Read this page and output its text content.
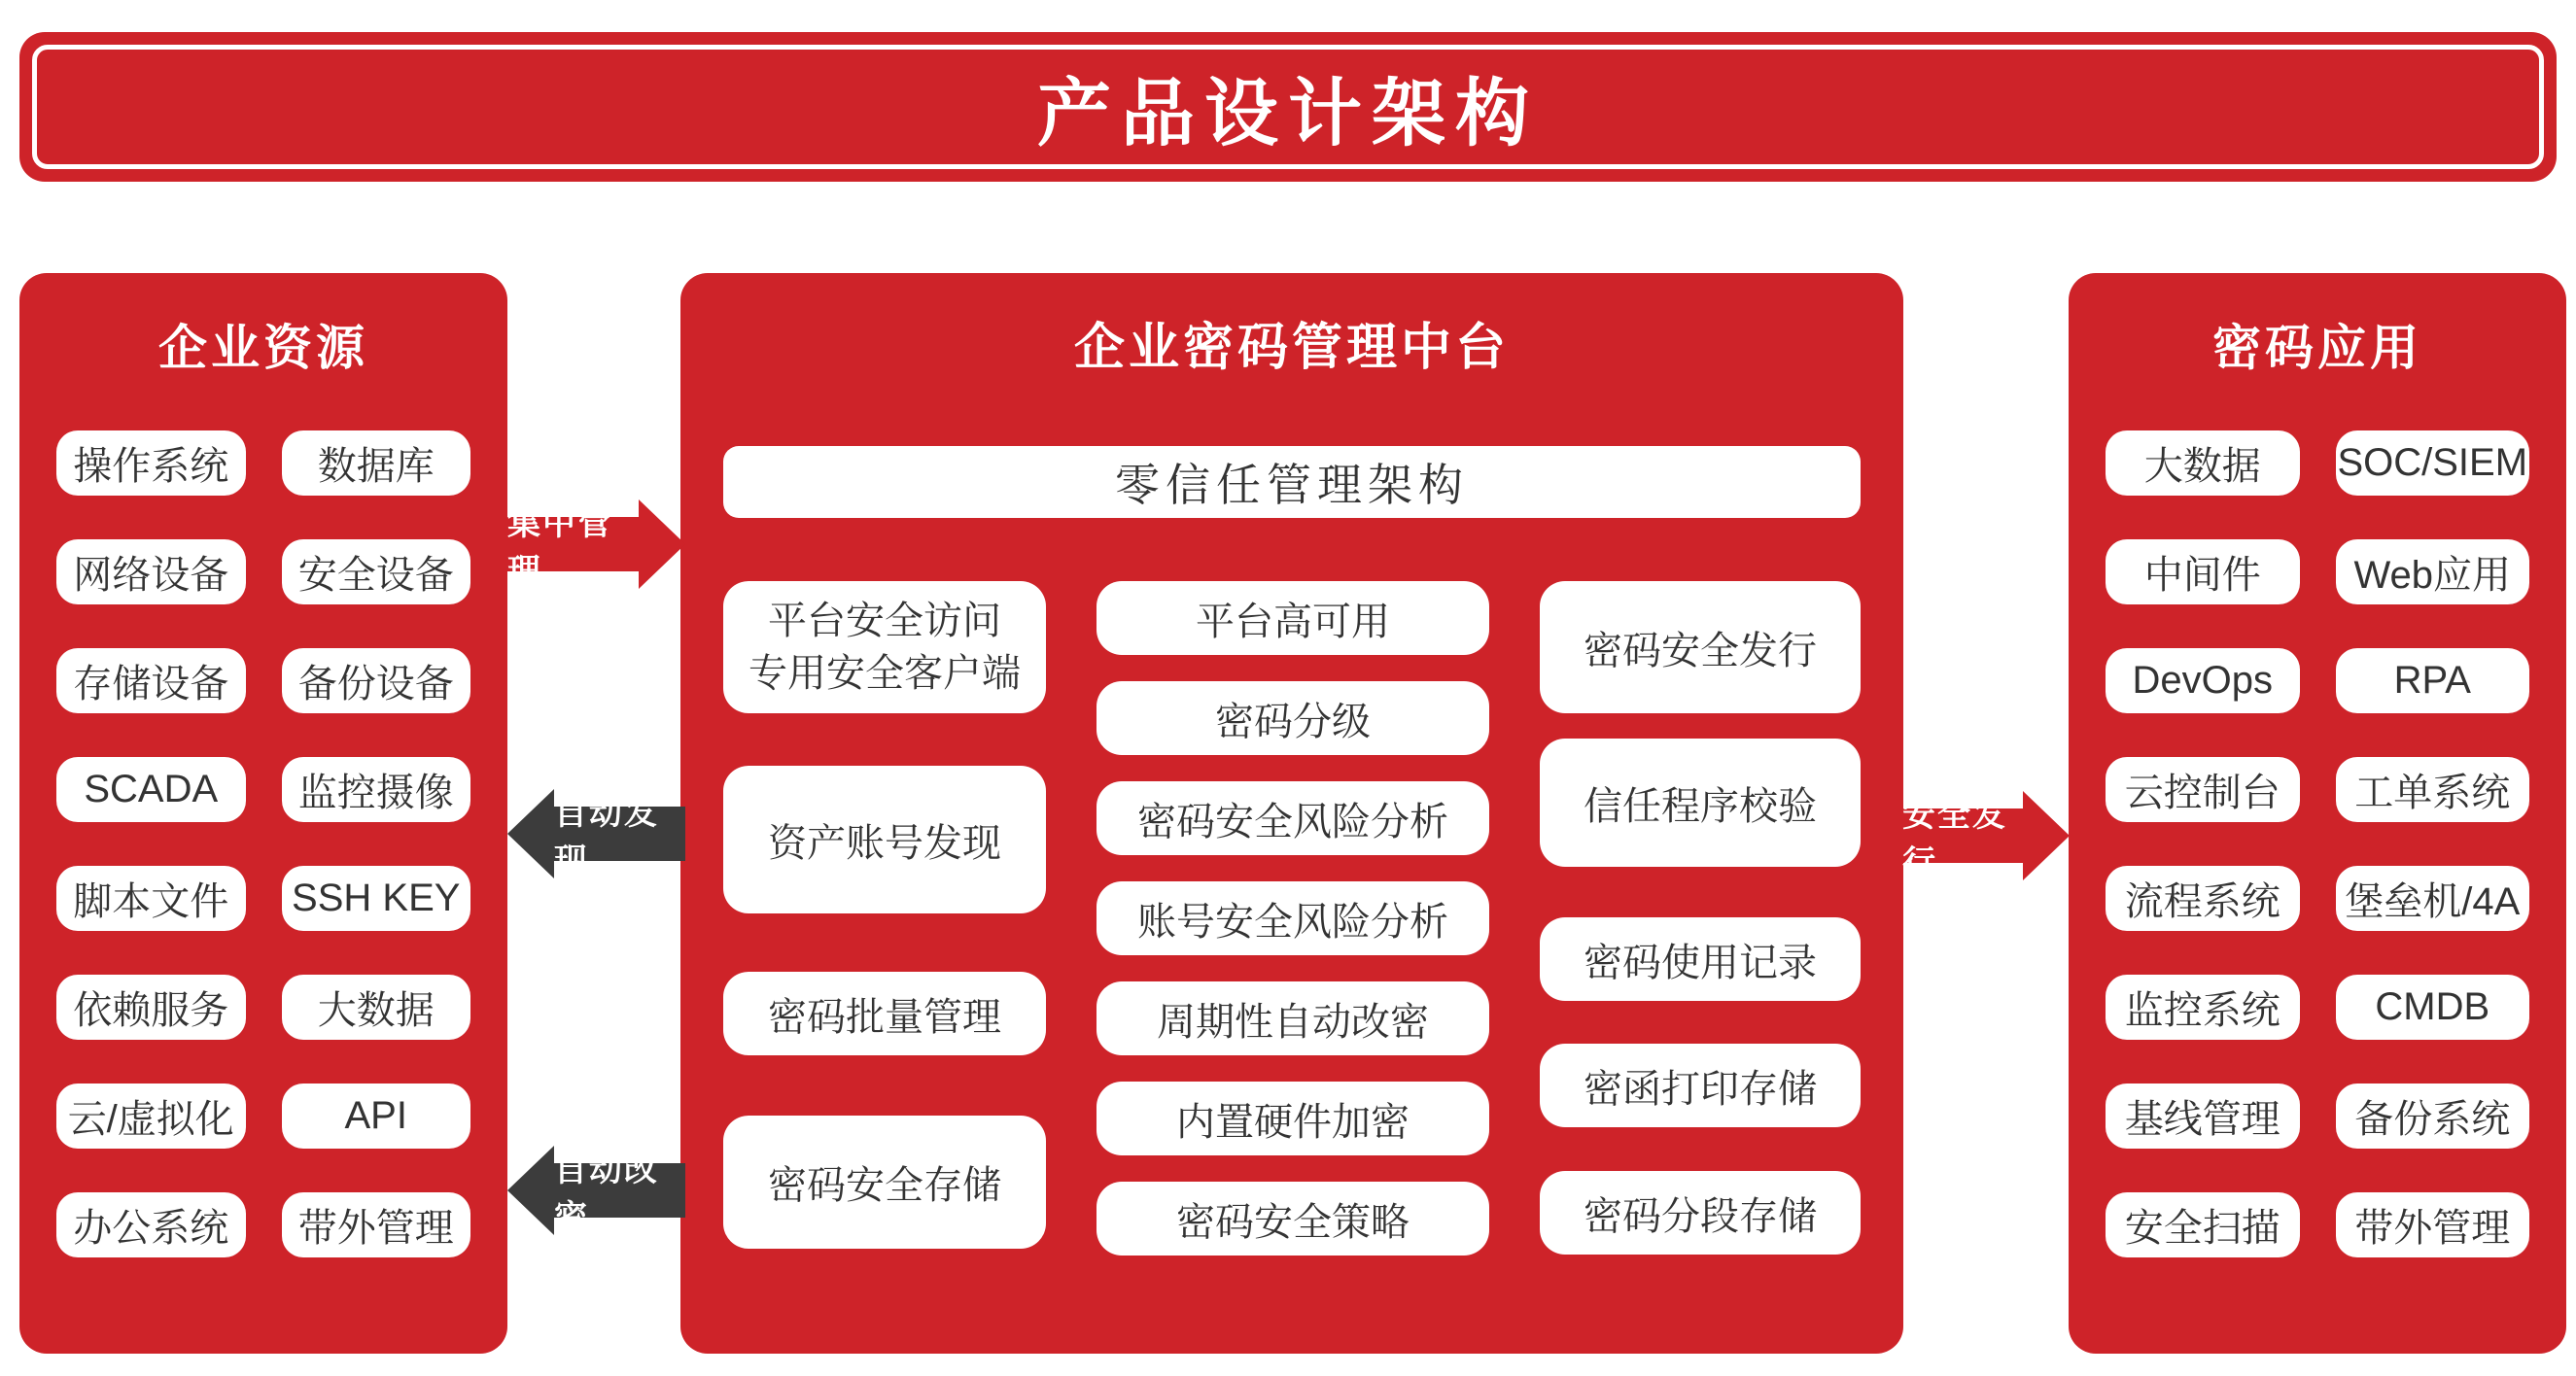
产品设计架构
企业资源
操作系统	数据库
网络设备	安全设备
存储设备	备份设备
SCADA	监控摄像
脚本文件	SSH KEY
依赖服务	大数据
云/虚拟化	API
办公系统	带外管理
企业密码管理中台
零信任管理架构
平台安全访问
专用安全客户端
资产账号发现
密码批量管理
密码安全存储
平台高可用
密码分级
密码安全风险分析
账号安全风险分析
周期性自动改密
内置硬件加密
密码安全策略
密码安全发行
信任程序校验
密码使用记录
密函打印存储
密码分段存储
密码应用
大数据	SOC/SIEM
中间件	Web应用
DevOps	RPA
云控制台	工单系统
流程系统	堡垒机/4A
监控系统	CMDB
基线管理	备份系统
安全扫描	带外管理
集中管理
自动发现
自动改密
安全发行
